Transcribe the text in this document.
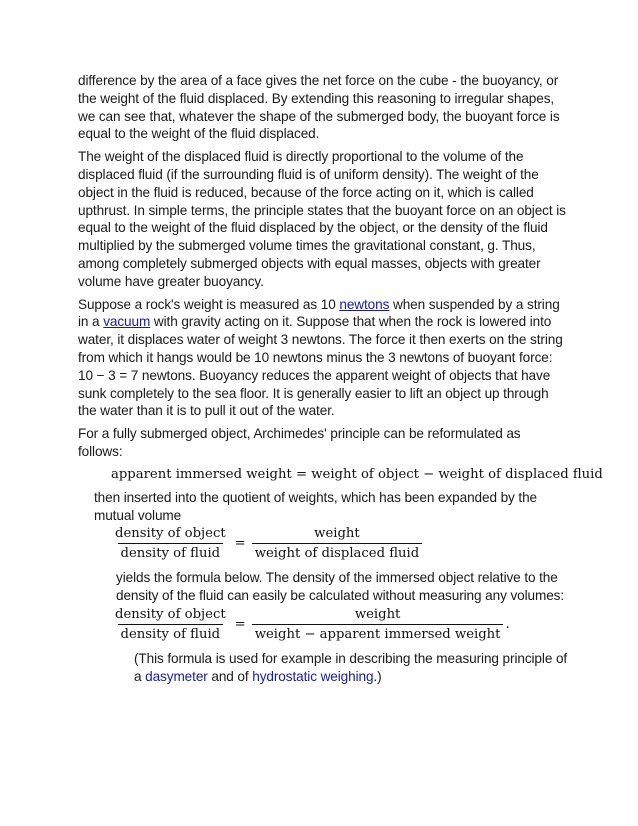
difference by the area of a face gives the net force on the cube - the buoyancy, or the weight of the fluid displaced. By extending this reasoning to irregular shapes, we can see that, whatever the shape of the submerged body, the buoyant force is equal to the weight of the fluid displaced.

The weight of the displaced fluid is directly proportional to the volume of the displaced fluid (if the surrounding fluid is of uniform density). The weight of the object in the fluid is reduced, because of the force acting on it, which is called upthrust. In simple terms, the principle states that the buoyant force on an object is equal to the weight of the fluid displaced by the object, or the density of the fluid multiplied by the submerged volume times the gravitational constant, g. Thus, among completely submerged objects with equal masses, objects with greater volume have greater buoyancy.

Suppose a rock's weight is measured as 10 newtons when suspended by a string in a vacuum with gravity acting on it. Suppose that when the rock is lowered into water, it displaces water of weight 3 newtons. The force it then exerts on the string from which it hangs would be 10 newtons minus the 3 newtons of buoyant force: 10 − 3 = 7 newtons. Buoyancy reduces the apparent weight of objects that have sunk completely to the sea floor. It is generally easier to lift an object up through the water than it is to pull it out of the water.

For a fully submerged object, Archimedes' principle can be reformulated as follows:

apparent immersed weight = weight of object − weight of displaced fluid

then inserted into the quotient of weights, which has been expanded by the mutual volume

$\frac{\text{density of object}}{\text{density of fluid}} = \frac{\text{weight}}{\text{weight of displaced fluid}}$

yields the formula below. The density of the immersed object relative to the density of the fluid can easily be calculated without measuring any volumes:

$\frac{\text{density of object}}{\text{density of fluid}} = \frac{\text{weight}}{\text{weight − apparent immersed weight}}$ .

(This formula is used for example in describing the measuring principle of a dasymeter and of hydrostatic weighing.)
